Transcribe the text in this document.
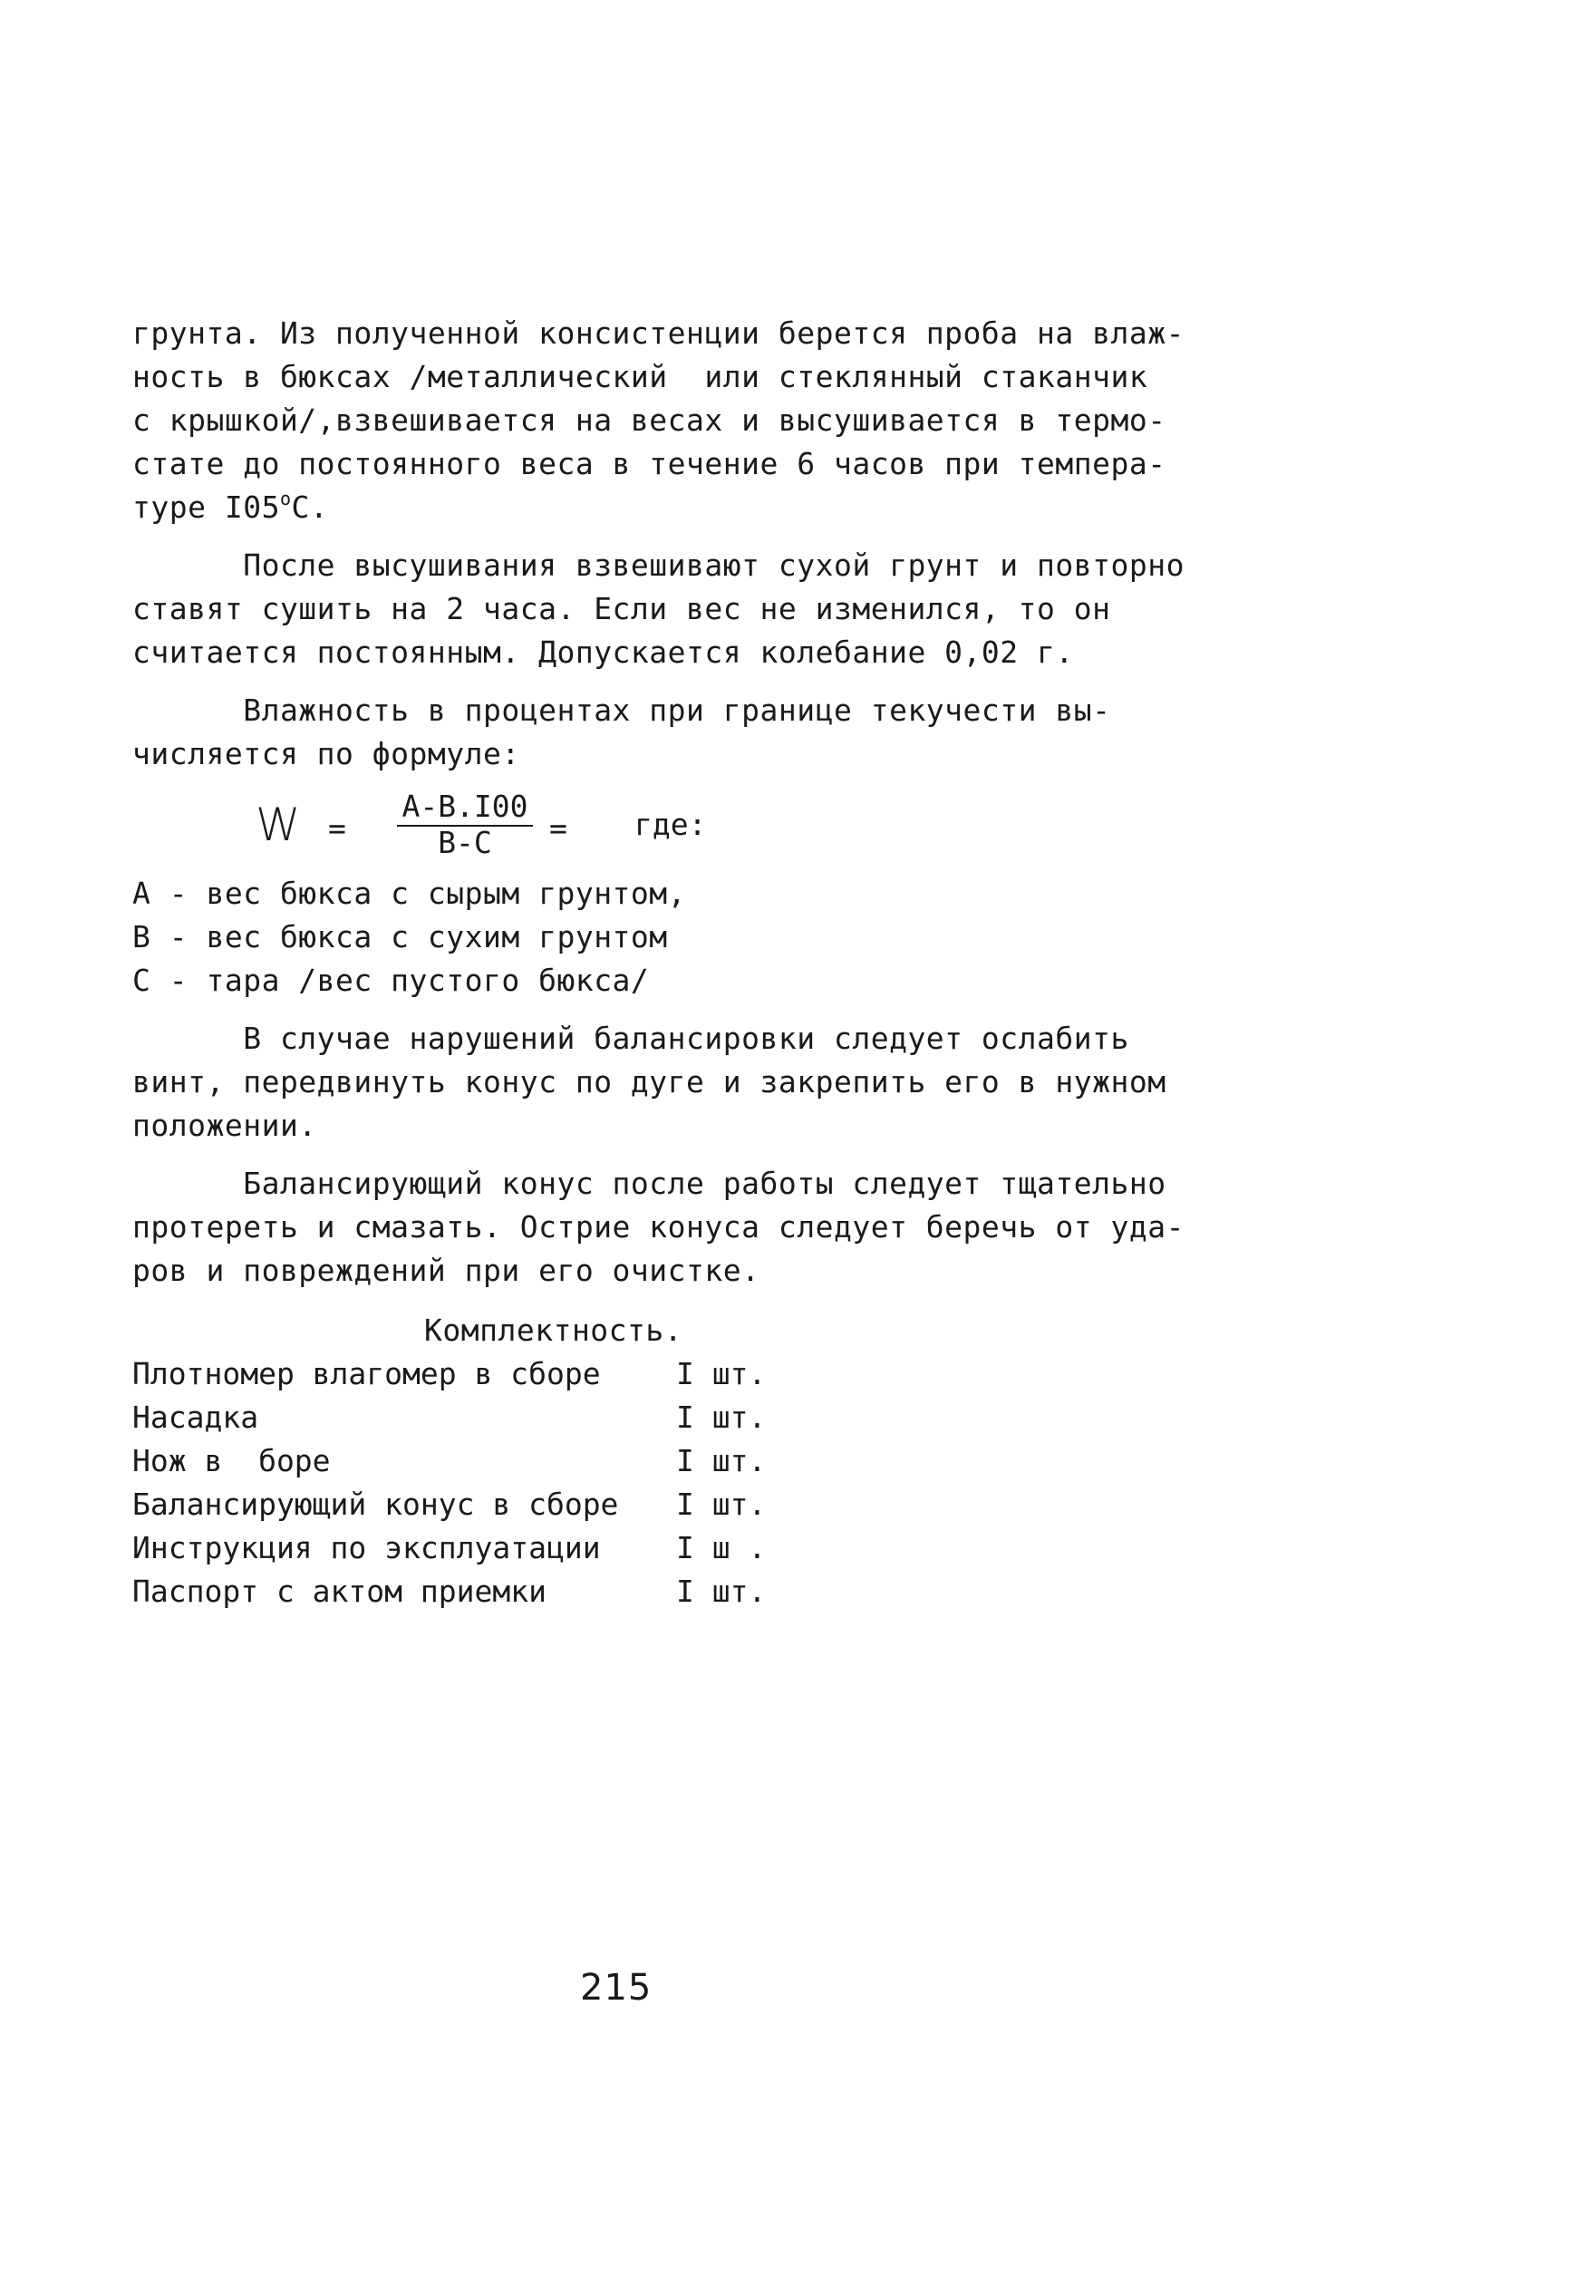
грунта. Из полученной консистенции берется проба на влаж-
ность в бюксах /металлический  или стеклянный стаканчик
с крышкой/,взвешивается на весах и высушивается в термо-
стате до постоянного веса в течение 6 часов при темпера-
туре I05$^o$C.
После высушивания взвешивают сухой грунт и повторно
ставят сушить на 2 часа. Если вес не изменился, то он
считается постоянным. Допускается колебание 0,02 г.
Влажность в процентах при границе текучести вы-
числяется по формуле:
$W = \frac{A-B.I00}{B-C}$ = где:
А - вес бюкса с сырым грунтом,
В - вес бюкса с сухим грунтом
С - тара /вес пустого бюкса/
В случае нарушений балансировки следует ослабить
винт, передвинуть конус по дуге и закрепить его в нужном
положении.
Балансирующий конус после работы следует тщательно
протереть и смазать. Острие конуса следует беречь от уда-
ров и повреждений при его очистке.
Комплектность.
Плотномер влагомер в сборе	I шт.
Насадка	I шт.
Нож в  боре	I шт.
Балансирующий конус в сборе I шт.
Инструкция по эксплуатации	I ш .
Паспорт с актом приемки	I шт.
215
